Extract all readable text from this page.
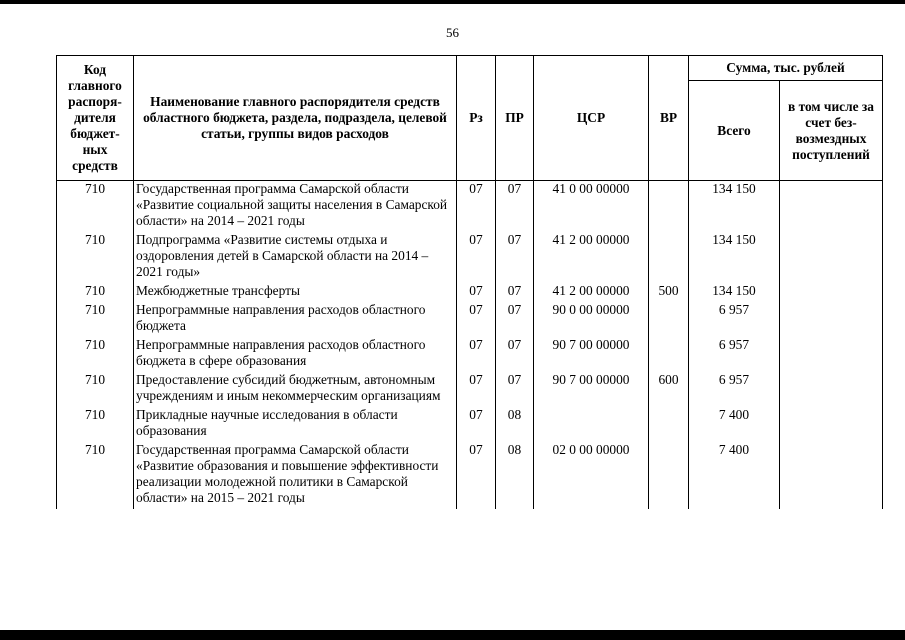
56
Код главного распоря-дителя бюджет-ных средств	Наименование главного распорядителя средств областного бюджета, раздела, подраздела, целевой статьи, группы видов расходов	Рз	ПР	ЦСР	ВР	Сумма, тыс. рублей	
						Всего	в том числе за счет без-возмездных поступлений
710	Государственная программа Самарской области «Развитие социальной защиты населения в Самарской области» на 2014 – 2021 годы	07	07	41 0 00 00000		134 150	
710	Подпрограмма «Развитие системы отдыха и оздоровления детей в Самарской области на 2014 – 2021 годы»	07	07	41 2 00 00000		134 150	
710	Межбюджетные трансферты	07	07	41 2 00 00000	500	134 150	
710	Непрограммные направления расходов областного бюджета	07	07	90 0 00 00000		6 957	
710	Непрограммные направления расходов областного бюджета в сфере образования	07	07	90 7 00 00000		6 957	
710	Предоставление субсидий бюджетным, автономным учреждениям и иным некоммерческим организациям	07	07	90 7 00 00000	600	6 957	
710	Прикладные научные исследования в области образования	07	08			7 400	
710	Государственная программа Самарской области «Развитие образования и повышение эффективности реализации молодежной политики в Самарской области» на 2015 – 2021 годы	07	08	02 0 00 00000		7 400	
